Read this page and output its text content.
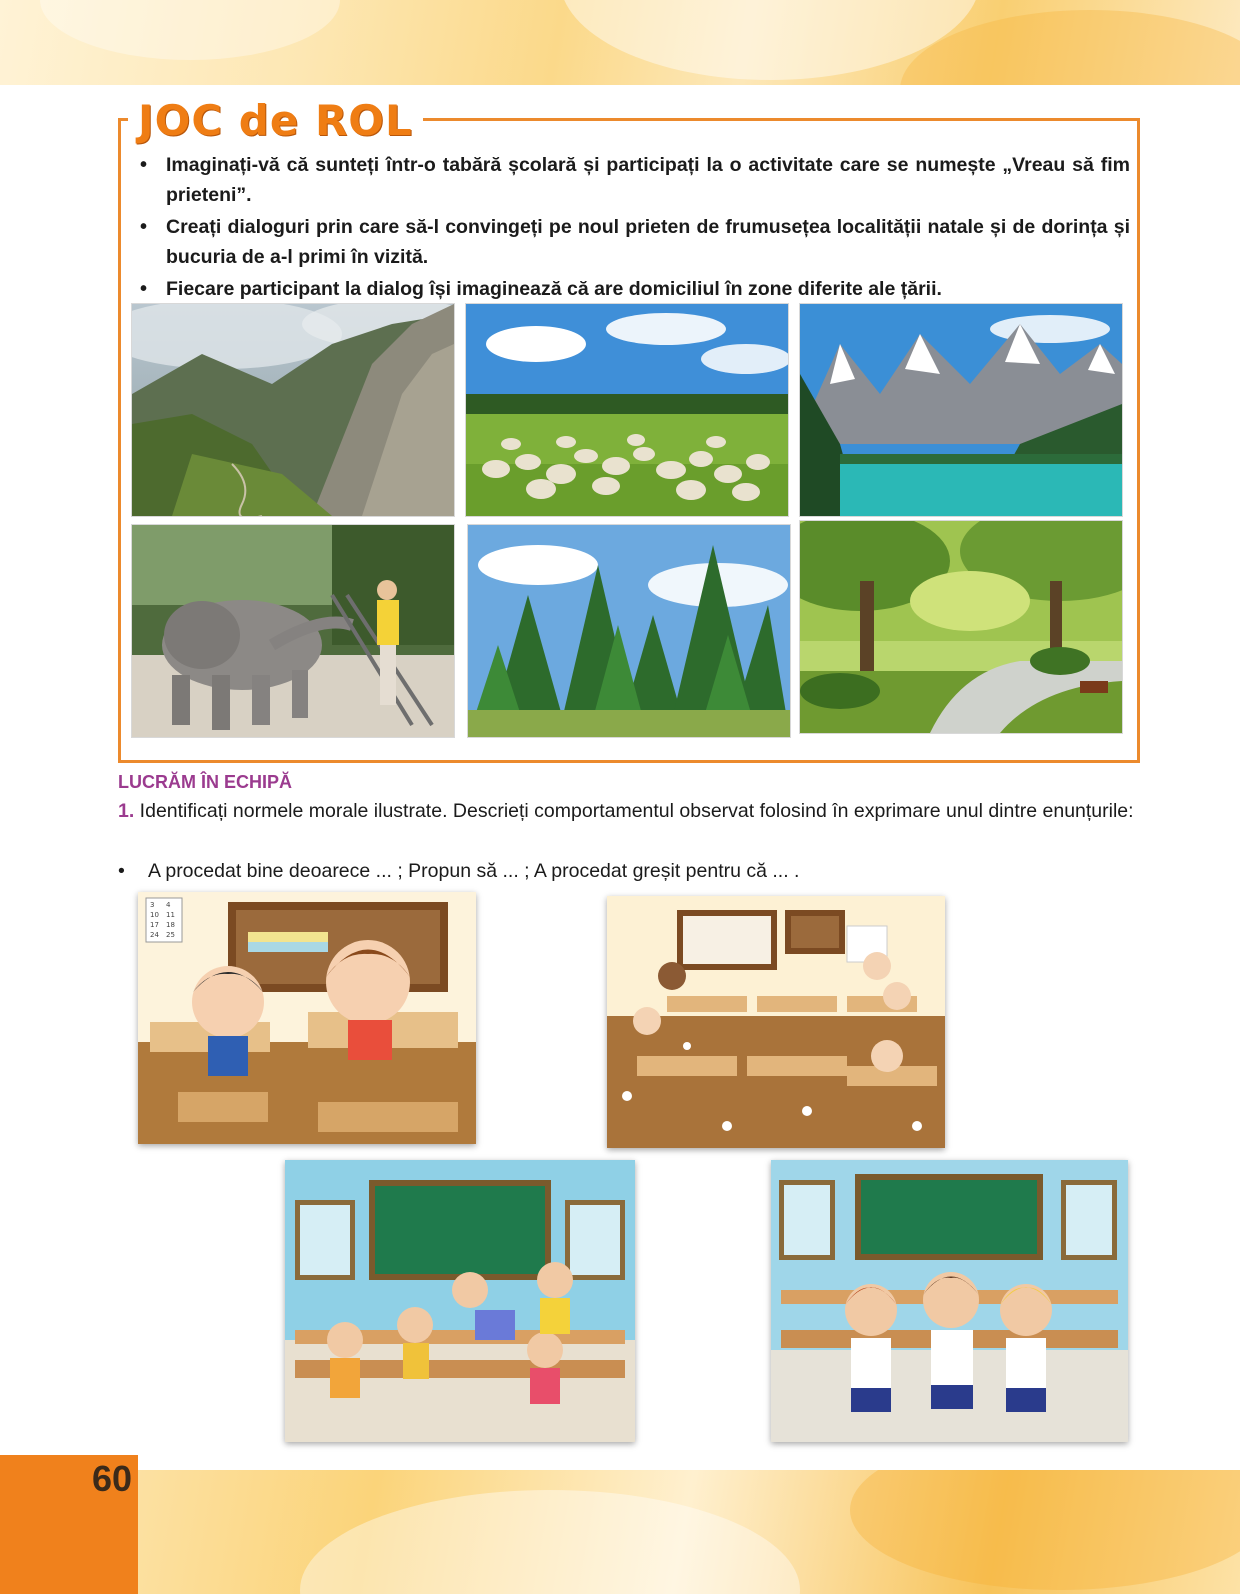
JOC de ROL
• Imaginați-vă că sunteți într-o tabără școlară și participați la o activitate care se numește „Vreau să fim prieteni”.
• Creați dialoguri prin care să-l convingeți pe noul prieten de frumusețea localității natale și de dorința și bucuria de a-l primi în vizită.
• Fiecare participant la dialog își imaginează că are domiciliul în zone diferite ale țării.
LUCRĂM ÎN ECHIPĂ
1. Identificați normele morale ilustrate. Descrieți comportamentul observat folosind în exprimare unul dintre enunțurile:
• A procedat bine deoarece ... ; Propun să ... ; A procedat greșit pentru că ... .
3 4
10 11
17 18
24 25
60
